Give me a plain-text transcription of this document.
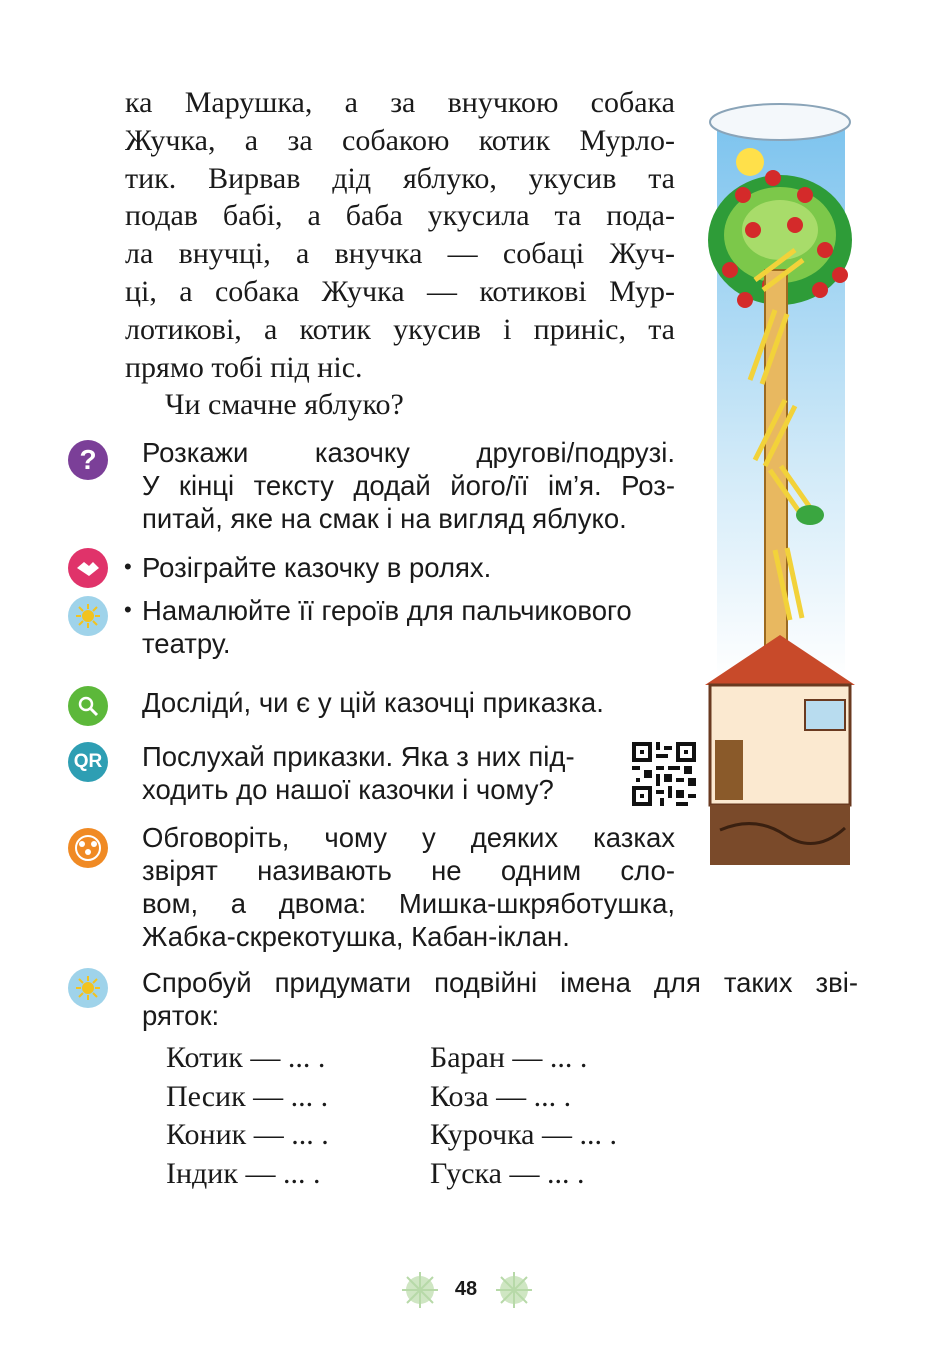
ка Марушка, а за внучкою собака
Жучка, а за собакою котик Мурло-
тик. Вирвав дід яблуко, укусив та
подав бабі, а баба укусила та пода-
ла внучці, а внучка — собаці Жуч-
ці, а собака Жучка — котикові Мур-
лотикові, а котик укусив і приніс, та
прямо тобі під ніс.
Чи смачне яблуко?
?
QR
Розкажи казочку другові/подрузі.
У кінці тексту додай його/її ім’я. Роз-
питай, яке на смак і на вигляд яблуко.
• Розіграйте казочку в ролях.
• Намалюйте її героїв для пальчикового
театру.
Досліди́, чи є у цій казочці приказка.
Послухай приказки. Яка з них під-
ходить до нашої казочки і чому?
Обговоріть, чому у деяких казках
звірят називають не одним сло-
вом, а двома: Мишка-шкряботушка,
Жабка-скрекотушка, Кабан-іклан.
Спробуй придумати подвійні імена для таких зві-
ряток:
Котик — ... .
Песик — ... .
Коник — ... .
Індик — ... .
Баран — ... .
Коза — ... .
Курочка — ... .
Гуска — ... .
48
